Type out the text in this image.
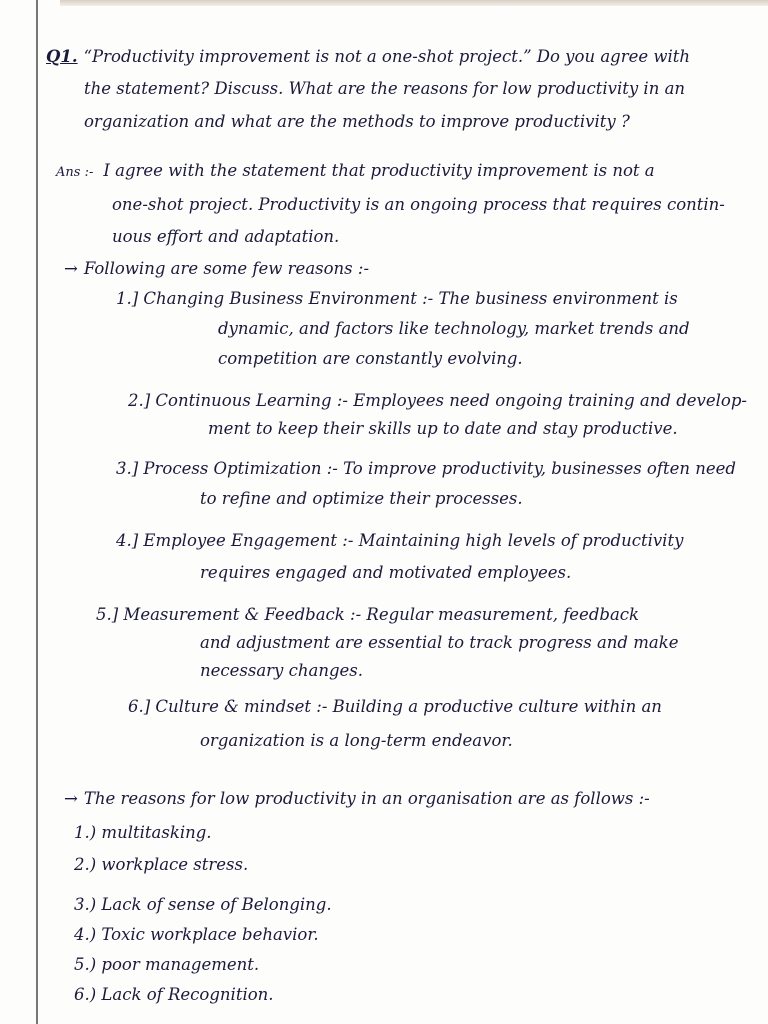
Q1. “Productivity improvement is not a one-shot project.” Do you agree with
the statement? Discuss. What are the reasons for low productivity in an
organization and what are the methods to improve productivity ?
Ans :- I agree with the statement that productivity improvement is not a
one-shot project. Productivity is an ongoing process that requires contin-
uous effort and adaptation.
→ Following are some few reasons :-
1.] Changing Business Environment :- The business environment is
dynamic, and factors like technology, market trends and
competition are constantly evolving.
2.] Continuous Learning :- Employees need ongoing training and develop-
ment to keep their skills up to date and stay productive.
3.] Process Optimization :- To improve productivity, businesses often need
to refine and optimize their processes.
4.] Employee Engagement :- Maintaining high levels of productivity
requires engaged and motivated employees.
5.] Measurement & Feedback :- Regular measurement, feedback
and adjustment are essential to track progress and make
necessary changes.
6.] Culture & mindset :- Building a productive culture within an
organization is a long-term endeavor.
→ The reasons for low productivity in an organisation are as follows :-
1.) multitasking.
2.) workplace stress.
3.) Lack of sense of Belonging.
4.) Toxic workplace behavior.
5.) poor management.
6.) Lack of Recognition.
